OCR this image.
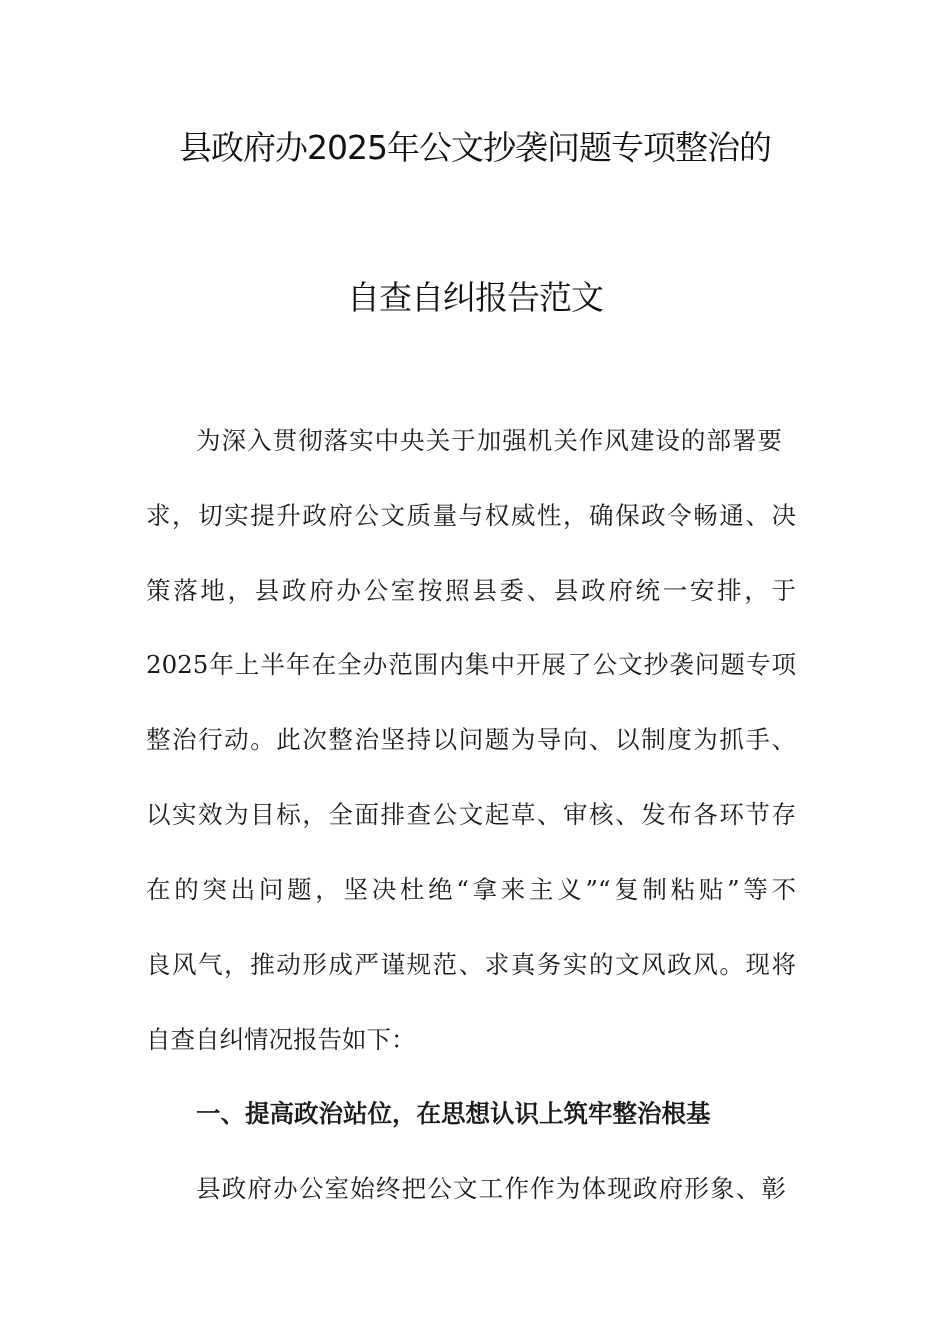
县政府办2025年公文抄袭问题专项整治的
自查自纠报告范文
为深入贯彻落实中央关于加强机关作风建设的部署要
求，切实提升政府公文质量与权威性，确保政令畅通、决
策落地，县政府办公室按照县委、县政府统一安排，于
2025年上半年在全办范围内集中开展了公文抄袭问题专项
整治行动。此次整治坚持以问题为导向、以制度为抓手、
以实效为目标，全面排查公文起草、审核、发布各环节存
在的突出问题，坚决杜绝“拿来主义”“复制粘贴”等不
良风气，推动形成严谨规范、求真务实的文风政风。现将
自查自纠情况报告如下：
一、提高政治站位，在思想认识上筑牢整治根基
县政府办公室始终把公文工作作为体现政府形象、彰
